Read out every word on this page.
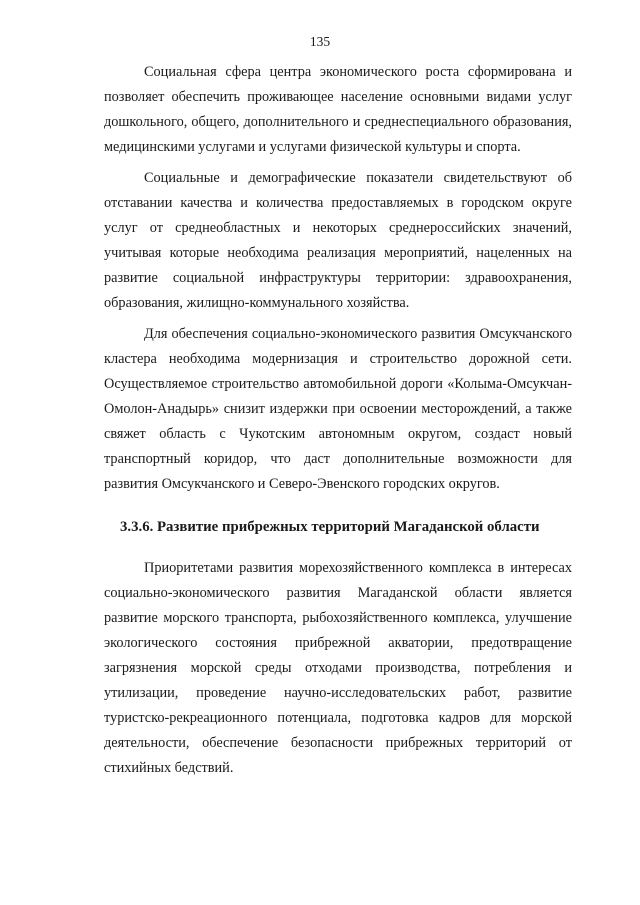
135

Социальная сфера центра экономического роста сформирована и позволяет обеспечить проживающее население основными видами услуг дошкольного, общего, дополнительного и среднеспециального образования, медицинскими услугами и услугами физической культуры и спорта.

Социальные и демографические показатели свидетельствуют об отставании качества и количества предоставляемых в городском округе услуг от среднеобластных и некоторых среднероссийских значений, учитывая которые необходима реализация мероприятий, нацеленных на развитие социальной инфраструктуры территории: здравоохранения, образования, жилищно-коммунального хозяйства.

Для обеспечения социально-экономического развития Омсукчанского кластера необходима модернизация и строительство дорожной сети. Осуществляемое строительство автомобильной дороги «Колыма-Омсукчан-Омолон-Анадырь» снизит издержки при освоении месторождений, а также свяжет область с Чукотским автономным округом, создаст новый транспортный коридор, что даст дополнительные возможности для развития Омсукчанского и Северо-Эвенского городских округов.

3.3.6. Развитие прибрежных территорий Магаданской области

Приоритетами развития морехозяйственного комплекса в интересах социально-экономического развития Магаданской области является развитие морского транспорта, рыбохозяйственного комплекса, улучшение экологического состояния прибрежной акватории, предотвращение загрязнения морской среды отходами производства, потребления и утилизации, проведение научно-исследовательских работ, развитие туристско-рекреационного потенциала, подготовка кадров для морской деятельности, обеспечение безопасности прибрежных территорий от стихийных бедствий.
